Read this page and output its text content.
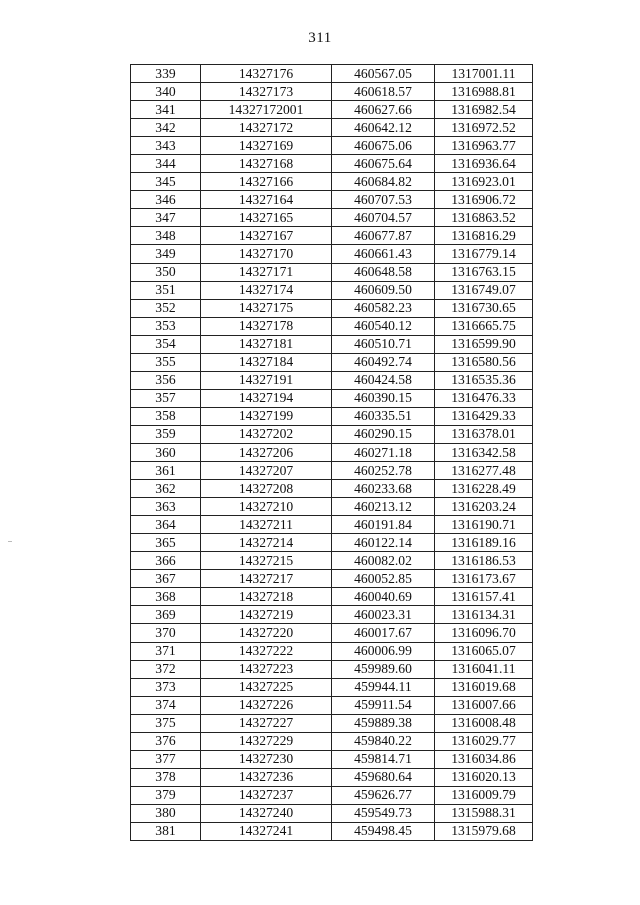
311
339	14327176	460567.05	1317001.11
340	14327173	460618.57	1316988.81
341	14327172001	460627.66	1316982.54
342	14327172	460642.12	1316972.52
343	14327169	460675.06	1316963.77
344	14327168	460675.64	1316936.64
345	14327166	460684.82	1316923.01
346	14327164	460707.53	1316906.72
347	14327165	460704.57	1316863.52
348	14327167	460677.87	1316816.29
349	14327170	460661.43	1316779.14
350	14327171	460648.58	1316763.15
351	14327174	460609.50	1316749.07
352	14327175	460582.23	1316730.65
353	14327178	460540.12	1316665.75
354	14327181	460510.71	1316599.90
355	14327184	460492.74	1316580.56
356	14327191	460424.58	1316535.36
357	14327194	460390.15	1316476.33
358	14327199	460335.51	1316429.33
359	14327202	460290.15	1316378.01
360	14327206	460271.18	1316342.58
361	14327207	460252.78	1316277.48
362	14327208	460233.68	1316228.49
363	14327210	460213.12	1316203.24
364	14327211	460191.84	1316190.71
365	14327214	460122.14	1316189.16
366	14327215	460082.02	1316186.53
367	14327217	460052.85	1316173.67
368	14327218	460040.69	1316157.41
369	14327219	460023.31	1316134.31
370	14327220	460017.67	1316096.70
371	14327222	460006.99	1316065.07
372	14327223	459989.60	1316041.11
373	14327225	459944.11	1316019.68
374	14327226	459911.54	1316007.66
375	14327227	459889.38	1316008.48
376	14327229	459840.22	1316029.77
377	14327230	459814.71	1316034.86
378	14327236	459680.64	1316020.13
379	14327237	459626.77	1316009.79
380	14327240	459549.73	1315988.31
381	14327241	459498.45	1315979.68
